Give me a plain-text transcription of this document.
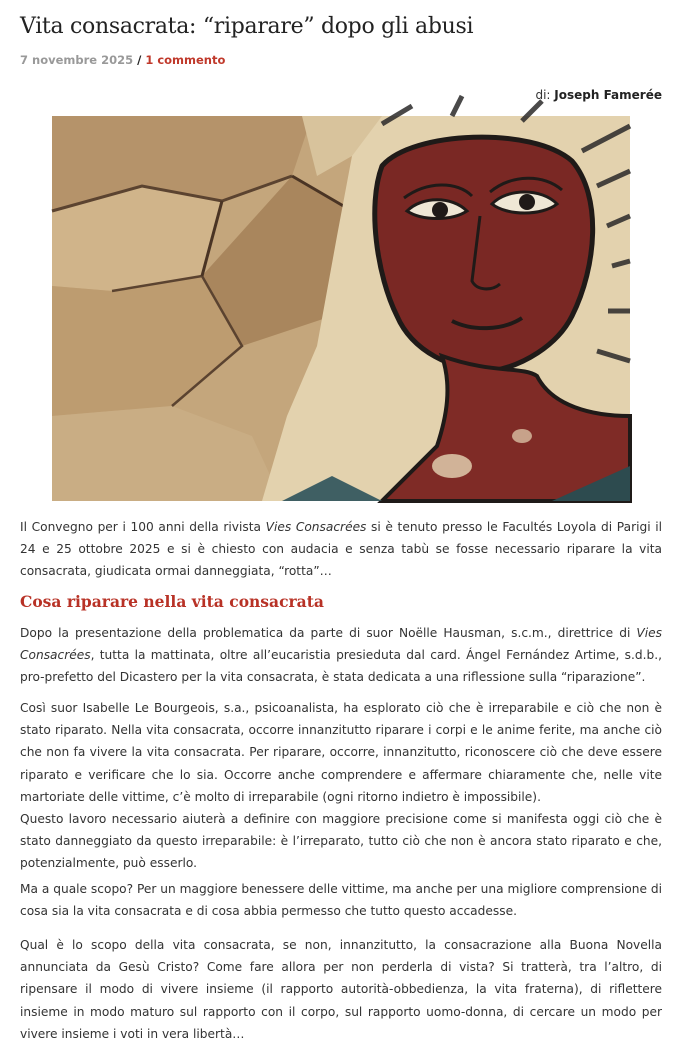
Vita consacrata: “riparare” dopo gli abusi
7 novembre 2025 / 1 commento
di: Joseph Famerée

Il Convegno per i 100 anni della rivista Vies Consacrées si è tenuto presso le Facultés Loyola di Parigi il 24 e 25 ottobre 2025 e si è chiesto con audacia e senza tabù se fosse necessario riparare la vita consacrata, giudicata ormai danneggiata, “rotta”…

Cosa riparare nella vita consacrata

Dopo la presentazione della problematica da parte di suor Noëlle Hausman, s.c.m., direttrice di Vies Consacrées, tutta la mattinata, oltre all’eucaristia presieduta dal card. Ángel Fernández Artime, s.d.b., pro-prefetto del Dicastero per la vita consacrata, è stata dedicata a una riflessione sulla “riparazione”.

Così suor Isabelle Le Bourgeois, s.a., psicoanalista, ha esplorato ciò che è irreparabile e ciò che non è stato riparato. Nella vita consacrata, occorre innanzitutto riparare i corpi e le anime ferite, ma anche ciò che non fa vivere la vita consacrata. Per riparare, occorre, innanzitutto, riconoscere ciò che deve essere riparato e verificare che lo sia. Occorre anche comprendere e affermare chiaramente che, nelle vite martoriate delle vittime, c’è molto di irreparabile (ogni ritorno indietro è impossibile).

Questo lavoro necessario aiuterà a definire con maggiore precisione come si manifesta oggi ciò che è stato danneggiato da questo irreparabile: è l’irreparato, tutto ciò che non è ancora stato riparato e che, potenzialmente, può esserlo.

Ma a quale scopo? Per un maggiore benessere delle vittime, ma anche per una migliore comprensione di cosa sia la vita consacrata e di cosa abbia permesso che tutto questo accadesse.

Qual è lo scopo della vita consacrata, se non, innanzitutto, la consacrazione alla Buona Novella annunciata da Gesù Cristo? Come fare allora per non perderla di vista? Si tratterà, tra l’altro, di ripensare il modo di vivere insieme (il rapporto autorità-obbedienza, la vita fraterna), di riflettere insieme in modo maturo sul rapporto con il corpo, sul rapporto uomo-donna, di cercare un modo per vivere insieme i voti in vera libertà…
